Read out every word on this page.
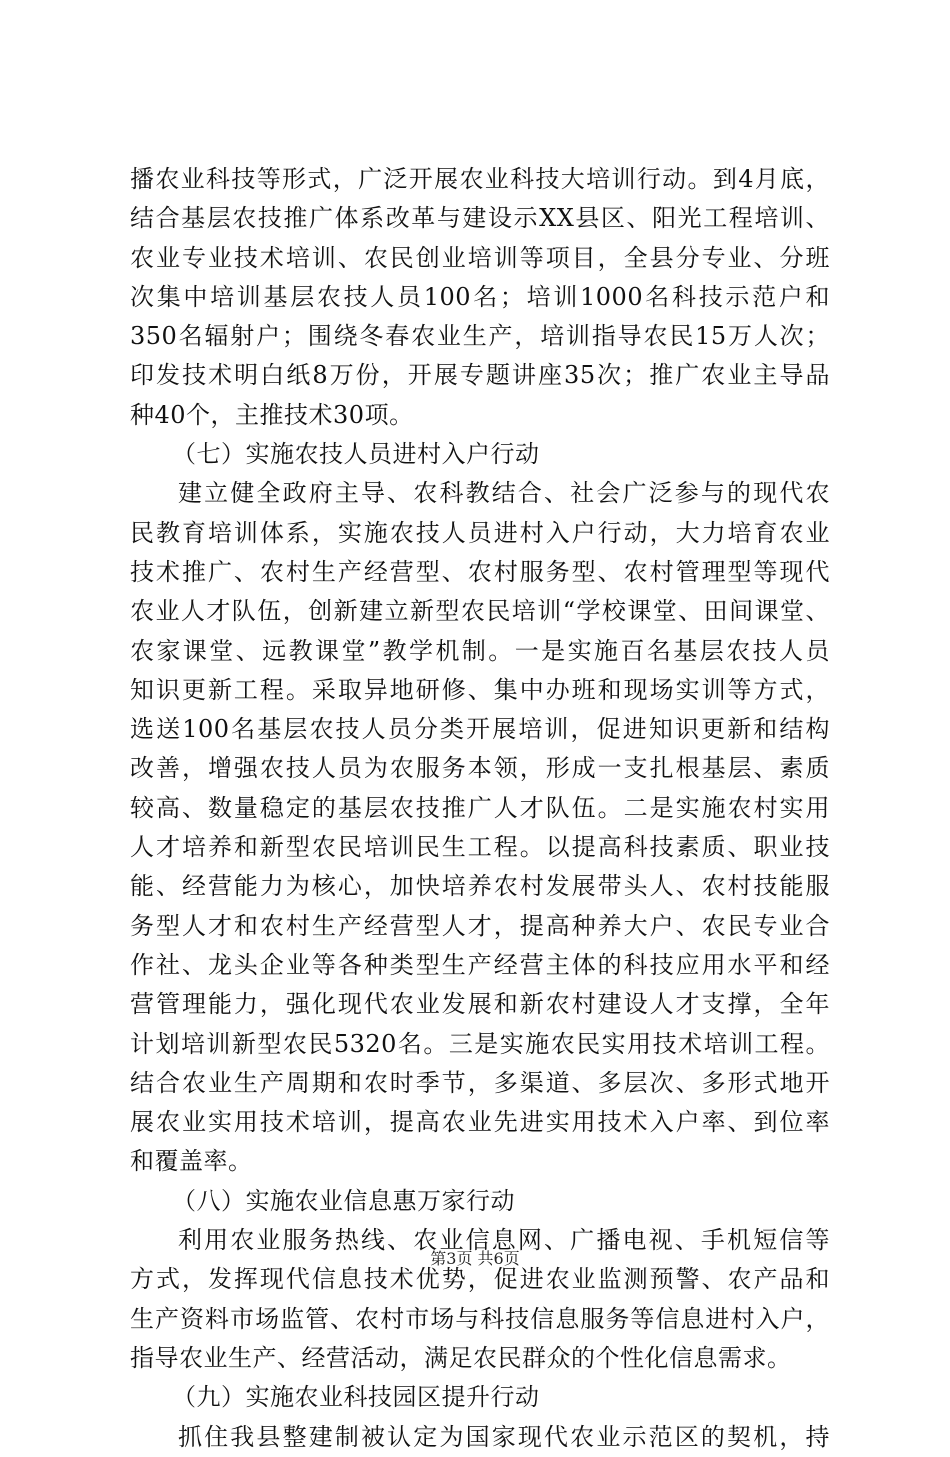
播农业科技等形式，广泛开展农业科技大培训行动。到4月底，
结合基层农技推广体系改革与建设示XX县区、阳光工程培训、
农业专业技术培训、农民创业培训等项目，全县分专业、分班
次集中培训基层农技人员100名；培训1000名科技示范户和
350名辐射户；围绕冬春农业生产，培训指导农民15万人次；
印发技术明白纸8万份，开展专题讲座35次；推广农业主导品
种40个，主推技术30项。
（七）实施农技人员进村入户行动
建立健全政府主导、农科教结合、社会广泛参与的现代农
民教育培训体系，实施农技人员进村入户行动，大力培育农业
技术推广、农村生产经营型、农村服务型、农村管理型等现代
农业人才队伍，创新建立新型农民培训“学校课堂、田间课堂、
农家课堂、远教课堂”教学机制。一是实施百名基层农技人员
知识更新工程。采取异地研修、集中办班和现场实训等方式，
选送100名基层农技人员分类开展培训，促进知识更新和结构
改善，增强农技人员为农服务本领，形成一支扎根基层、素质
较高、数量稳定的基层农技推广人才队伍。二是实施农村实用
人才培养和新型农民培训民生工程。以提高科技素质、职业技
能、经营能力为核心，加快培养农村发展带头人、农村技能服
务型人才和农村生产经营型人才，提高种养大户、农民专业合
作社、龙头企业等各种类型生产经营主体的科技应用水平和经
营管理能力，强化现代农业发展和新农村建设人才支撑，全年
计划培训新型农民5320名。三是实施农民实用技术培训工程。
结合农业生产周期和农时季节，多渠道、多层次、多形式地开
展农业实用技术培训，提高农业先进实用技术入户率、到位率
和覆盖率。
（八）实施农业信息惠万家行动
利用农业服务热线、农业信息网、广播电视、手机短信等
方式，发挥现代信息技术优势，促进农业监测预警、农产品和
生产资料市场监管、农村市场与科技信息服务等信息进村入户，
指导农业生产、经营活动，满足农民群众的个性化信息需求。
（九）实施农业科技园区提升行动
抓住我县整建制被认定为国家现代农业示范区的契机，持
第3页 共6页
